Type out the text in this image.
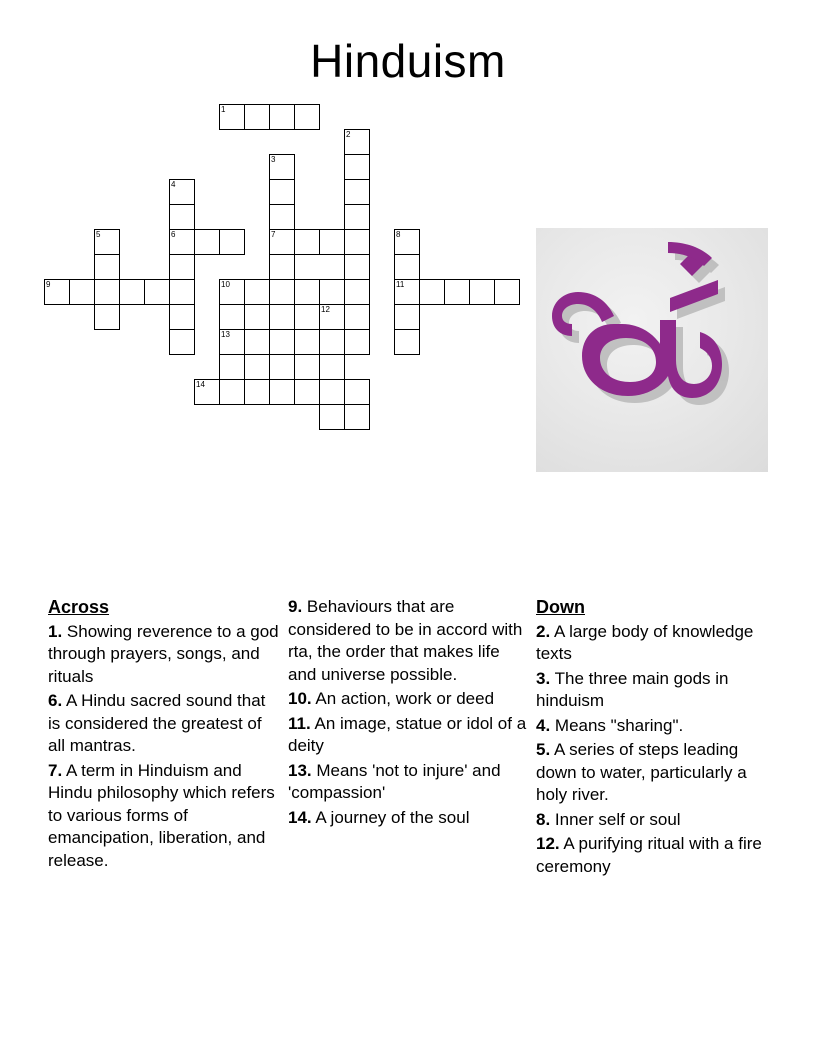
Hinduism
1
2
3
4
5	6	7	8
9	10	11
12
13
14
Across
1. Showing reverence to a god through prayers, songs, and rituals
6. A Hindu sacred sound that is considered the greatest of all mantras.
7. A term in Hinduism and Hindu philosophy which refers to various forms of emancipation, liberation, and release.
9. Behaviours that are considered to be in accord with rta, the order that makes life and universe possible.
10. An action, work or deed
11. An image, statue or idol of a deity
13. Means 'not to injure' and 'compassion'
14. A journey of the soul
Down
2. A large body of knowledge texts
3. The three main gods in hinduism
4. Means "sharing".
5. A series of steps leading down to water, particularly a holy river.
8. Inner self or soul
12. A purifying ritual with a fire ceremony
